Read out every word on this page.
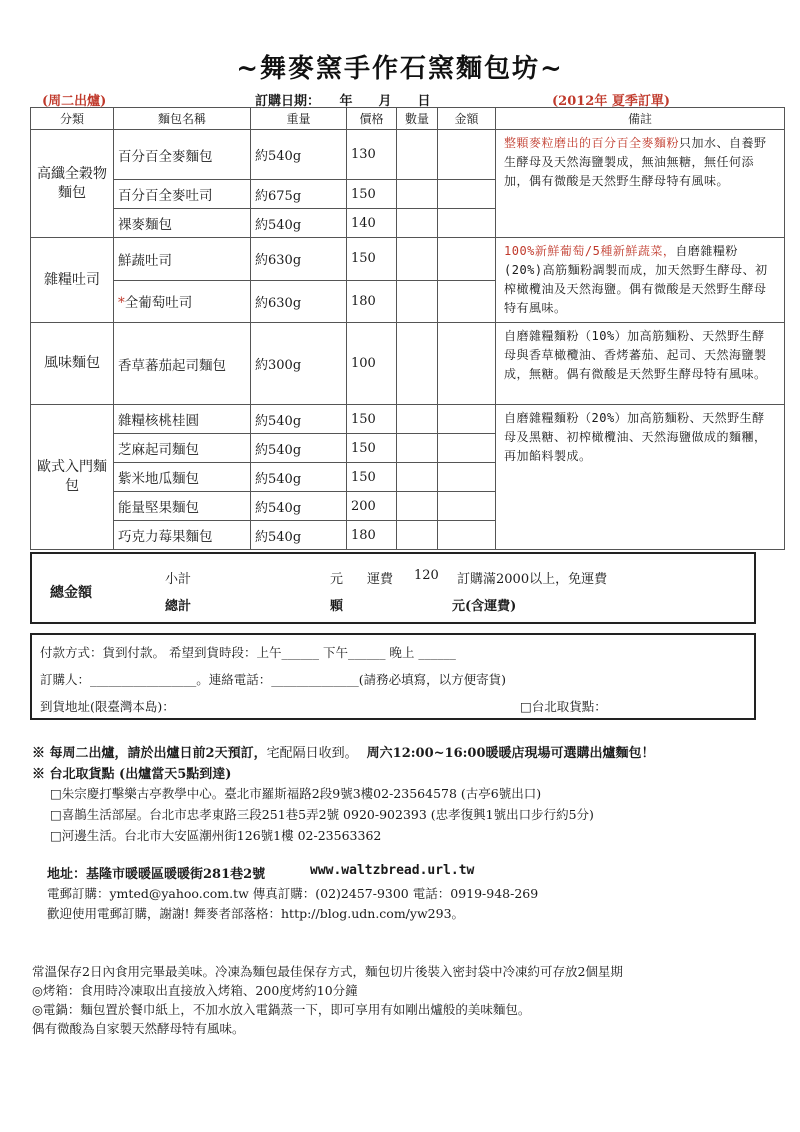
~舞麥窯手作石窯麵包坊~
(周二出爐)	訂購日期：　　年　　月　　日	(2012年 夏季訂單)
分類	麵包名稱	重量	價格	數量	金額	備註
高纖全穀物麵包	百分百全麥麵包	約540g	130			整顆麥粒磨出的百分百全麥麵粉只加水、自養野生酵母及天然海鹽製成，無油無糖，無任何添加，偶有微酸是天然野生酵母特有風味。
	百分百全麥吐司	約675g	150			
	裸麥麵包	約540g	140			
雜糧吐司	鮮蔬吐司	約630g	150			100%新鮮葡萄/5種新鮮蔬菜，自磨雜糧粉(20%)高筋麵粉調製而成，加天然野生酵母、初榨橄欖油及天然海鹽。偶有微酸是天然野生酵母特有風味。
	*全葡萄吐司	約630g	180			
風味麵包	香草蕃茄起司麵包	約300g	100			自磨雜糧麵粉（10%）加高筋麵粉、天然野生酵母與香草橄欖油、香烤蕃茄、起司、天然海鹽製成，無糖。偶有微酸是天然野生酵母特有風味。
歐式入門麵包	雜糧核桃桂圓	約540g	150			自磨雜糧麵粉（20%）加高筋麵粉、天然野生酵母及黑糖、初榨橄欖油、天然海鹽做成的麵糰，再加餡料製成。
	芝麻起司麵包	約540g	150			
	紫米地瓜麵包	約540g	150			
	能量堅果麵包	約540g	200			
	巧克力莓果麵包	約540g	180			
總金額
小計	元 運費 120 訂購滿2000以上，免運費
總計	顆	元(含運費)
付款方式：貨到付款。 希望到貨時段：上午______ 下午______ 晚上 ______
訂購人：_________________。連絡電話：______________(請務必填寫，以方便寄貨)
到貨地址(限臺灣本島)：	□台北取貨點：
※ 每周二出爐，請於出爐日前2天預訂，宅配隔日收到。 周六12:00~16:00暖暖店現場可選購出爐麵包！
※ 台北取貨點 (出爐當天5點到達)
□朱宗慶打擊樂古亭教學中心。臺北市羅斯福路2段9號3樓02-23564578 (古亭6號出口)
□喜鵲生活部屋。台北市忠孝東路三段251巷5弄2號 0920-902393 (忠孝復興1號出口步行約5分)
□河邊生活。台北市大安區潮州街126號1樓 02-23563362
地址：基隆市暖暖區暖暖街281巷2號	www.waltzbread.url.tw
電郵訂購：ymted@yahoo.com.tw 傳真訂購：(02)2457-9300 電話：0919-948-269
歡迎使用電郵訂購，謝謝! 舞麥者部落格：http://blog.udn.com/yw293。
常溫保存2日內食用完畢最美味。冷凍為麵包最佳保存方式，麵包切片後裝入密封袋中冷凍約可存放2個星期
◎烤箱：食用時冷凍取出直接放入烤箱、200度烤約10分鐘
◎電鍋：麵包置於餐巾紙上，不加水放入電鍋蒸一下，即可享用有如剛出爐般的美味麵包。
偶有微酸為自家製天然酵母特有風味。
